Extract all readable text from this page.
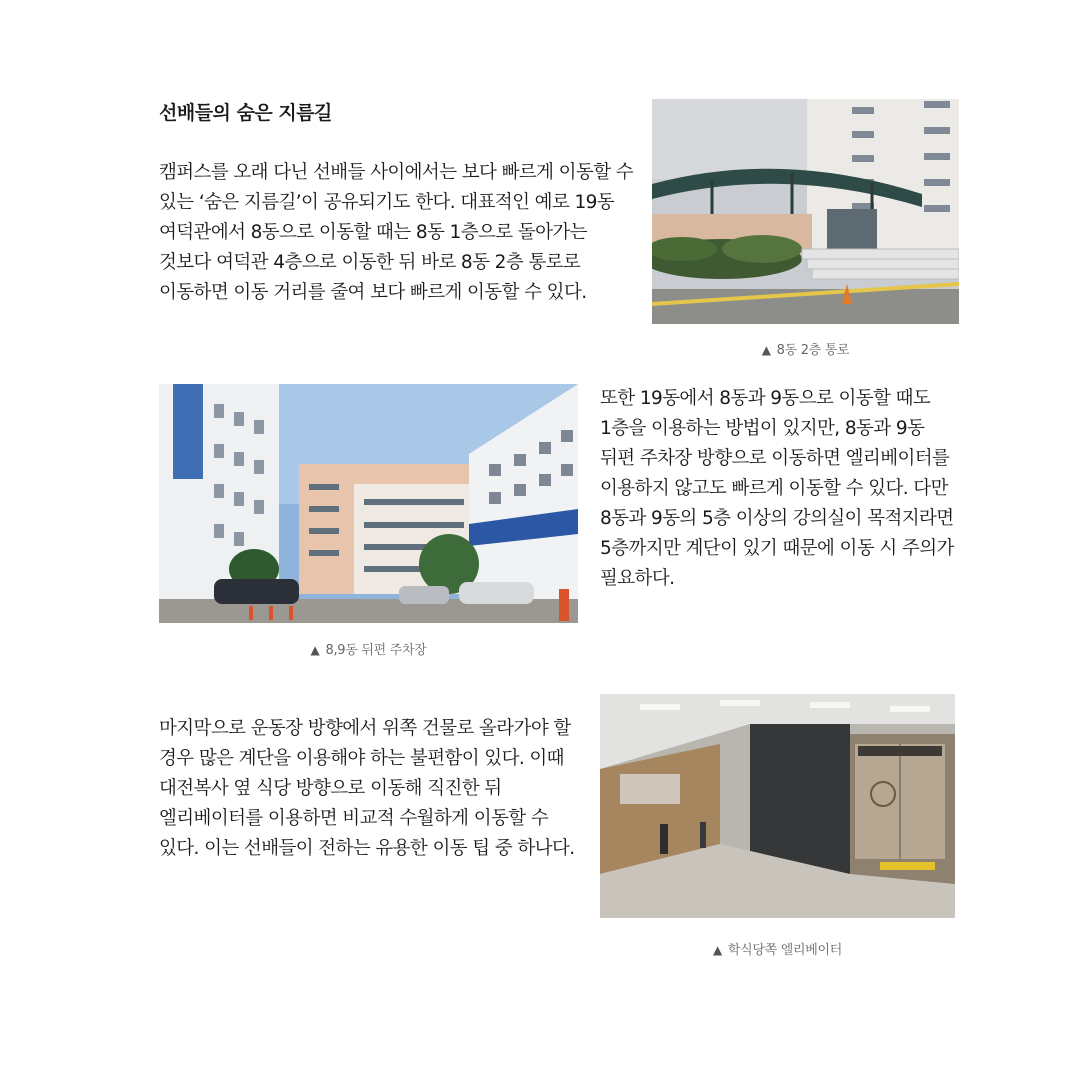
선배들의 숨은 지름길

캠퍼스를 오래 다닌 선배들 사이에서는 보다 빠르게 이동할 수 있는 ‘숨은 지름길’이 공유되기도 한다. 대표적인 예로 19동 여덕관에서 8동으로 이동할 때는 8동 1층으로 돌아가는 것보다 여덕관 4층으로 이동한 뒤 바로 8동 2층 통로로 이동하면 이동 거리를 줄여 보다 빠르게 이동할 수 있다.

▲ 8동 2층 통로

▲ 8,9동 뒤편 주차장

또한 19동에서 8동과 9동으로 이동할 때도 1층을 이용하는 방법이 있지만, 8동과 9동 뒤편 주차장 방향으로 이동하면 엘리베이터를 이용하지 않고도 빠르게 이동할 수 있다. 다만 8동과 9동의 5층 이상의 강의실이 목적지라면 5층까지만 계단이 있기 때문에 이동 시 주의가 필요하다.

마지막으로 운동장 방향에서 위쪽 건물로 올라가야 할 경우 많은 계단을 이용해야 하는 불편함이 있다. 이때 대전복사 옆 식당 방향으로 이동해 직진한 뒤 엘리베이터를 이용하면 비교적 수월하게 이동할 수 있다. 이는 선배들이 전하는 유용한 이동 팁 중 하나다.

▲ 학식당쪽 엘리베이터
